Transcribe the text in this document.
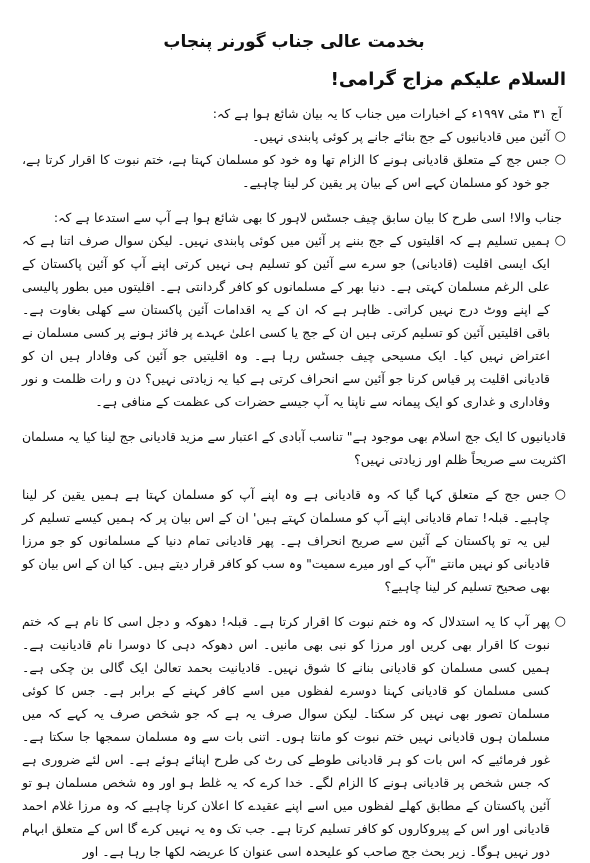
بخدمت عالی جناب گورنر پنجاب
السلام علیکم مزاج گرامی!

آج ۳۱ مئی ۱۹۹۷ء کے اخبارات میں جناب کا یہ بیان شائع ہوا ہے کہ:

○ آئین میں قادیانیوں کے جج بنائے جانے پر کوئی پابندی نہیں۔

○ جس جج کے متعلق قادیانی ہونے کا الزام تھا وہ خود کو مسلمان کہتا ہے، ختم نبوت کا اقرار کرتا ہے، جو خود کو مسلمان کہے اس کے بیان پر یقین کر لینا چاہیے۔

جناب والا! اسی طرح کا بیان سابق چیف جسٹس لاہور کا بھی شائع ہوا ہے آپ سے استدعا ہے کہ:

○ ہمیں تسلیم ہے کہ اقلیتوں کے جج بننے پر آئین میں کوئی پابندی نہیں۔ لیکن سوال صرف اتنا ہے کہ ایک ایسی اقلیت (قادیانی) جو سرے سے آئین کو تسلیم ہی نہیں کرتی اپنے آپ کو آئین پاکستان کے علی الرغم مسلمان کہتی ہے۔ دنیا بھر کے مسلمانوں کو کافر گردانتی ہے۔ اقلیتوں میں بطور پالیسی کے اپنے ووٹ درج نہیں کراتی۔ ظاہر ہے کہ ان کے یہ اقدامات آئین پاکستان سے کھلی بغاوت ہے۔ باقی اقلیتیں آئین کو تسلیم کرتی ہیں ان کے جج یا کسی اعلیٰ عہدے پر فائز ہونے پر کسی مسلمان نے اعتراض نہیں کیا۔ ایک مسیحی چیف جسٹس رہا ہے۔ وہ اقلیتیں جو آئین کی وفادار ہیں ان کو قادیانی اقلیت پر قیاس کرنا جو آئین سے انحراف کرتی ہے کیا یہ زیادتی نہیں؟ دن و رات ظلمت و نور وفاداری و غداری کو ایک پیمانہ سے ناپنا یہ آپ جیسے حضرات کی عظمت کے منافی ہے۔

قادیانیوں کا ایک جج اسلام بھی موجود ہے" تناسب آبادی کے اعتبار سے مزید قادیانی جج لینا کیا یہ مسلمان اکثریت سے صریحاً ظلم اور زیادتی نہیں؟

○ جس جج کے متعلق کہا گیا کہ وہ قادیانی ہے وہ اپنے آپ کو مسلمان کہتا ہے ہمیں یقین کر لینا چاہیے۔ قبلہ! تمام قادیانی اپنے آپ کو مسلمان کہتے ہیں' ان کے اس بیان پر کہ ہمیں کیسے تسلیم کر لیں یہ تو پاکستان کے آئین سے صریح انحراف ہے۔ پھر قادیانی تمام دنیا کے مسلمانوں کو جو مرزا قادیانی کو نہیں مانتے "آپ کے اور میرے سمیت" وہ سب کو کافر قرار دیتے ہیں۔ کیا ان کے اس بیان کو بھی صحیح تسلیم کر لینا چاہیے؟

○ پھر آپ کا یہ استدلال کہ وہ ختم نبوت کا اقرار کرتا ہے۔ قبلہ! دھوکہ و دجل اسی کا نام ہے کہ ختم نبوت کا اقرار بھی کریں اور مرزا کو نبی بھی مانیں۔ اس دھوکہ دہی کا دوسرا نام قادیانیت ہے۔ ہمیں کسی مسلمان کو قادیانی بنانے کا شوق نہیں۔ قادیانیت بحمد تعالیٰ ایک گالی بن چکی ہے۔ کسی مسلمان کو قادیانی کہنا دوسرے لفظوں میں اسے کافر کہنے کے برابر ہے۔ جس کا کوئی مسلمان تصور بھی نہیں کر سکتا۔ لیکن سوال صرف یہ ہے کہ جو شخص صرف یہ کہے کہ میں مسلمان ہوں قادیانی نہیں ختم نبوت کو مانتا ہوں۔ اتنی بات سے وہ مسلمان سمجھا جا سکتا ہے۔ غور فرمائیے کہ اس بات کو ہر قادیانی طوطے کی رٹ کی طرح اپنائے ہوئے ہے۔ اس لئے ضروری ہے کہ جس شخص پر قادیانی ہونے کا الزام لگے۔ خدا کرے کہ یہ غلط ہو اور وہ شخص مسلمان ہو تو آئین پاکستان کے مطابق کھلے لفظوں میں اسے اپنے عقیدے کا اعلان کرنا چاہیے کہ وہ مرزا غلام احمد قادیانی اور اس کے پیروکاروں کو کافر تسلیم کرتا ہے۔ جب تک وہ یہ نہیں کرے گا اس کے متعلق ابہام دور نہیں ہوگا۔ زیر بحث جج صاحب کو علیحدہ اسی عنوان کا عریضہ لکھا جا رہا ہے۔ اور
